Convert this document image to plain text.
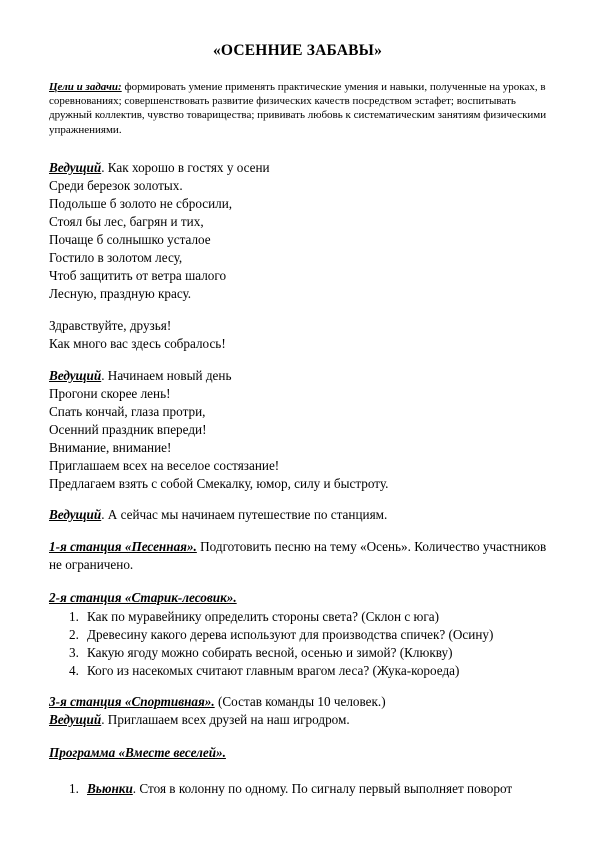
«ОСЕННИЕ ЗАБАВЫ»
Цели и задачи: формировать умение применять практические умения и навыки, полученные на уроках, в соревнованиях; совершенствовать развитие физических качеств посредством эстафет; воспитывать дружный коллектив, чувство товарищества; прививать любовь к систематическим занятиям физическими упражнениями.
Ведущий. Как хорошо в гостях у осени
Среди березок золотых.
Подольше б золото не сбросили,
Стоял бы лес, багрян и тих,
Почаще б солнышко усталое
Гостило в золотом лесу,
Чтоб защитить от ветра шалого
Лесную, праздную красу.
Здравствуйте, друзья!
Как много вас здесь собралось!
Ведущий. Начинаем новый день
Прогони скорее лень!
Спать кончай, глаза протри,
Осенний праздник впереди!
Внимание, внимание!
Приглашаем всех на веселое состязание!
Предлагаем взять с собой Смекалку, юмор, силу и быстроту.
Ведущий. А сейчас мы начинаем путешествие по станциям.
1-я станция «Песенная». Подготовить песню на тему «Осень». Количество участников не ограничено.
2-я станция «Старик-лесовик».
1. Как по муравейнику определить стороны света? (Склон с юга)
2. Древесину какого дерева используют для производства спичек? (Осину)
3. Какую ягоду можно собирать весной, осенью и зимой? (Клюкву)
4. Кого из насекомых считают главным врагом леса? (Жука-короеда)
3-я станция «Спортивная». (Состав команды 10 человек.)
Ведущий. Приглашаем всех друзей на наш игродром.
Программа «Вместе веселей».
1. Вьюнки. Стоя в колонну по одному. По сигналу первый выполняет поворот
